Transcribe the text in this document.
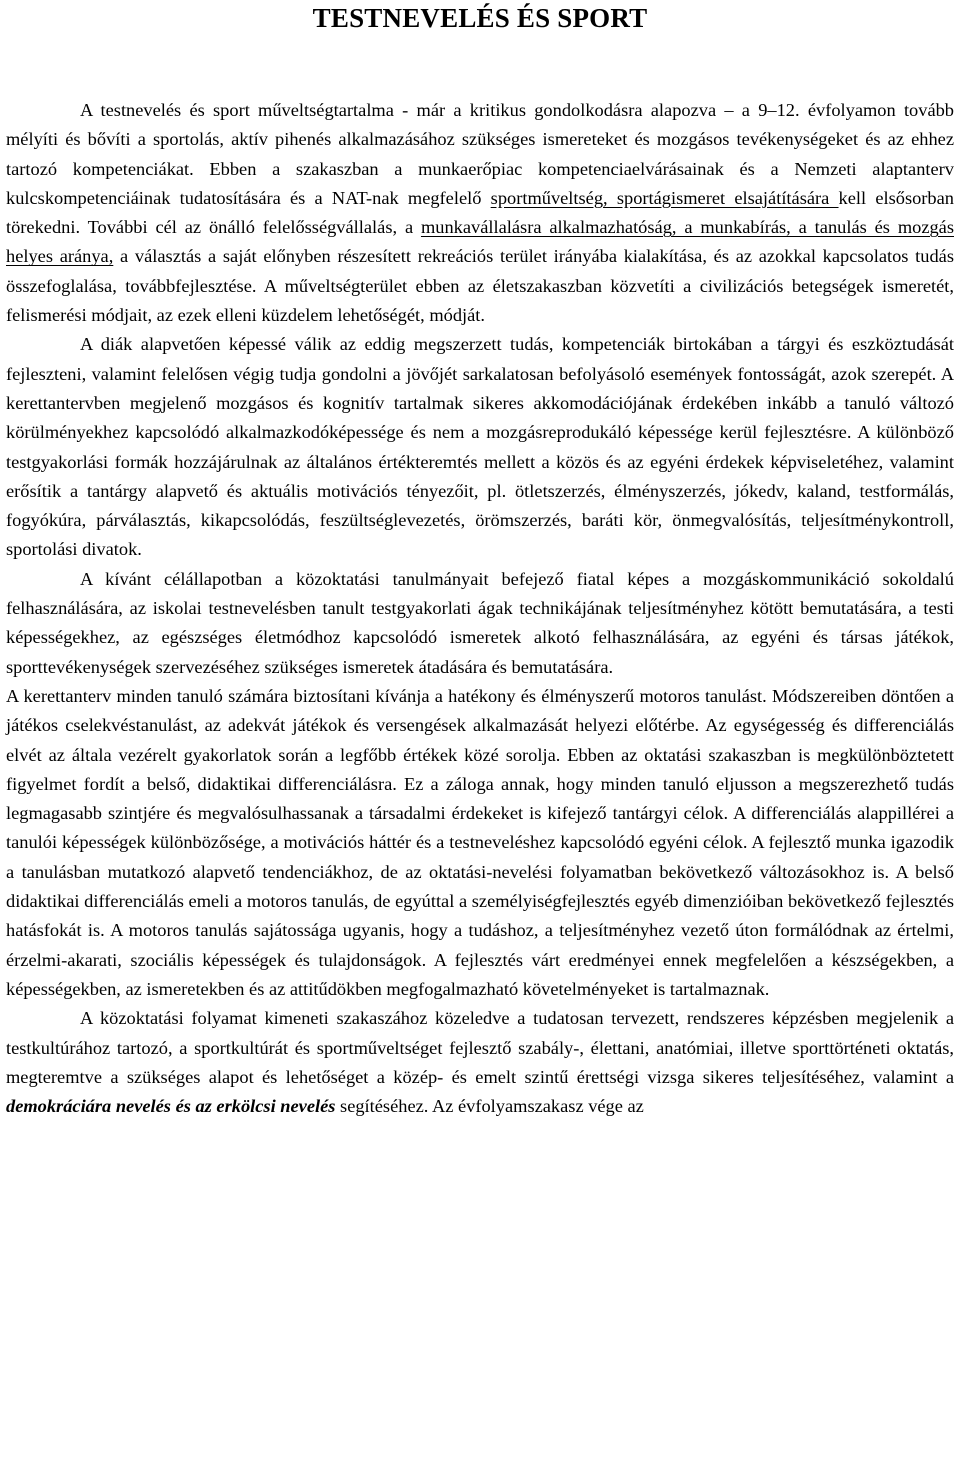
TESTNEVELÉS ÉS SPORT

A testnevelés és sport műveltségtartalma - már a kritikus gondolkodásra alapozva – a 9–12. évfolyamon tovább mélyíti és bővíti a sportolás, aktív pihenés alkalmazásához szükséges ismereteket és mozgásos tevékenységeket és az ehhez tartozó kompetenciákat. Ebben a szakaszban a munkaerőpiac kompetenciaelvárásainak és a Nemzeti alaptanterv kulcskompetenciáinak tudatosítására és a NAT-nak megfelelő sportműveltség, sportágismeret elsajátítására kell elsősorban törekedni. További cél az önálló felelősségvállalás, a munkavállalásra alkalmazhatóság, a munkabírás, a tanulás és mozgás helyes aránya, a választás a saját előnyben részesített rekreációs terület irányába kialakítása, és az azokkal kapcsolatos tudás összefoglalása, továbbfejlesztése. A műveltségterület ebben az életszakaszban közvetíti a civilizációs betegségek ismeretét, felismerési módjait, az ezek elleni küzdelem lehetőségét, módját.

A diák alapvetően képessé válik az eddig megszerzett tudás, kompetenciák birtokában a tárgyi és eszköztudását fejleszteni, valamint felelősen végig tudja gondolni a jövőjét sarkalatosan befolyásoló események fontosságát, azok szerepét. A kerettantervben megjelenő mozgásos és kognitív tartalmak sikeres akkomodációjának érdekében inkább a tanuló változó körülményekhez kapcsolódó alkalmazkodóképessége és nem a mozgásreprodukáló képessége kerül fejlesztésre. A különböző testgyakorlási formák hozzájárulnak az általános értékteremtés mellett a közös és az egyéni érdekek képviseletéhez, valamint erősítik a tantárgy alapvető és aktuális motivációs tényezőit, pl. ötletszerzés, élményszerzés, jókedv, kaland, testformálás, fogyókúra, párválasztás, kikapcsolódás, feszültséglevezetés, örömszerzés, baráti kör, önmegvalósítás, teljesítménykontroll, sportolási divatok.

A kívánt célállapotban a közoktatási tanulmányait befejező fiatal képes a mozgáskommunikáció sokoldalú felhasználására, az iskolai testnevelésben tanult testgyakorlati ágak technikájának teljesítményhez kötött bemutatására, a testi képességekhez, az egészséges életmódhoz kapcsolódó ismeretek alkotó felhasználására, az egyéni és társas játékok, sporttevékenységek szervezéséhez szükséges ismeretek átadására és bemutatására.

A kerettanterv minden tanuló számára biztosítani kívánja a hatékony és élményszerű motoros tanulást. Módszereiben döntően a játékos cselekvéstanulást, az adekvát játékok és versengések alkalmazását helyezi előtérbe. Az egységesség és differenciálás elvét az általa vezérelt gyakorlatok során a legfőbb értékek közé sorolja. Ebben az oktatási szakaszban is megkülönböztetett figyelmet fordít a belső, didaktikai differenciálásra. Ez a záloga annak, hogy minden tanuló eljusson a megszerezhető tudás legmagasabb szintjére és megvalósulhassanak a társadalmi érdekeket is kifejező tantárgyi célok. A differenciálás alappillérei a tanulói képességek különbözősége, a motivációs háttér és a testneveléshez kapcsolódó egyéni célok. A fejlesztő munka igazodik a tanulásban mutatkozó alapvető tendenciákhoz, de az oktatási-nevelési folyamatban bekövetkező változásokhoz is. A belső didaktikai differenciálás emeli a motoros tanulás, de egyúttal a személyiségfejlesztés egyéb dimenzióiban bekövetkező fejlesztés hatásfokát is. A motoros tanulás sajátossága ugyanis, hogy a tudáshoz, a teljesítményhez vezető úton formálódnak az értelmi, érzelmi-akarati, szociális képességek és tulajdonságok. A fejlesztés várt eredményei ennek megfelelően a készségekben, a képességekben, az ismeretekben és az attitűdökben megfogalmazható követelményeket is tartalmaznak.

A közoktatási folyamat kimeneti szakaszához közeledve a tudatosan tervezett, rendszeres képzésben megjelenik a testkultúrához tartozó, a sportkultúrát és sportműveltséget fejlesztő szabály-, élettani, anatómiai, illetve sporttörténeti oktatás, megteremtve a szükséges alapot és lehetőséget a közép- és emelt szintű érettségi vizsga sikeres teljesítéséhez, valamint a demokráciára nevelés és az erkölcsi nevelés segítéséhez. Az évfolyamszakasz vége az
